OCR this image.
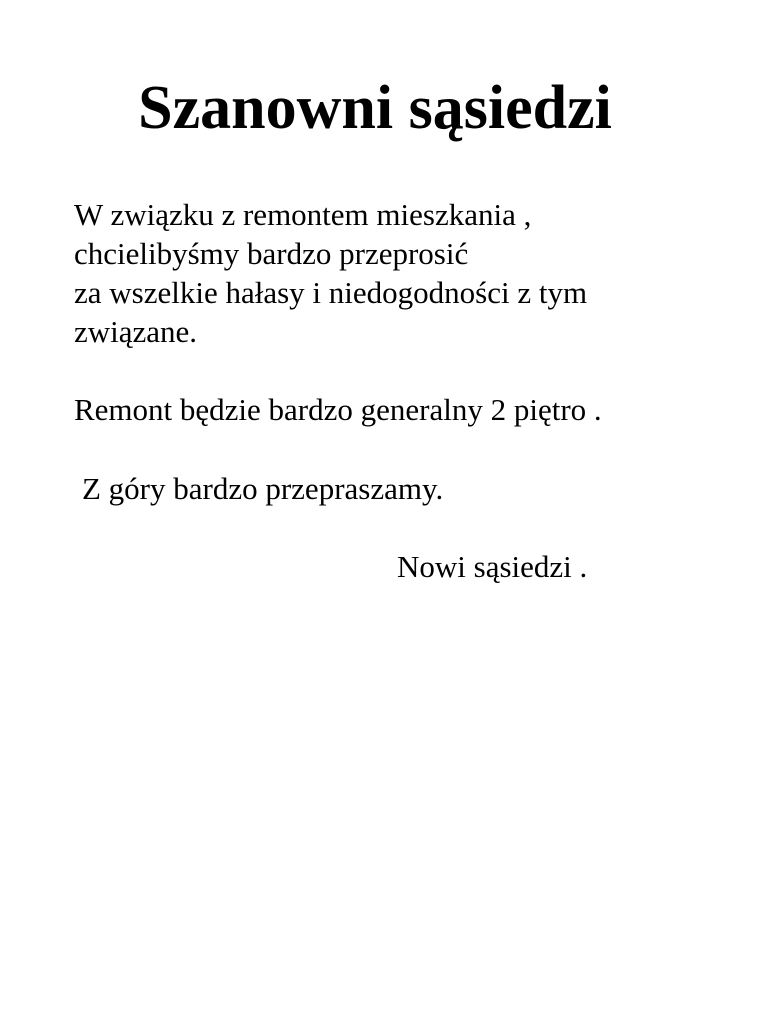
Szanowni sąsiedzi

W związku z remontem mieszkania ,

chcielibyśmy bardzo przeprosić

za wszelkie hałasy i niedogodności z tym

związane.

Remont będzie bardzo generalny 2 piętro .

Z góry bardzo przepraszamy.

Nowi sąsiedzi .
